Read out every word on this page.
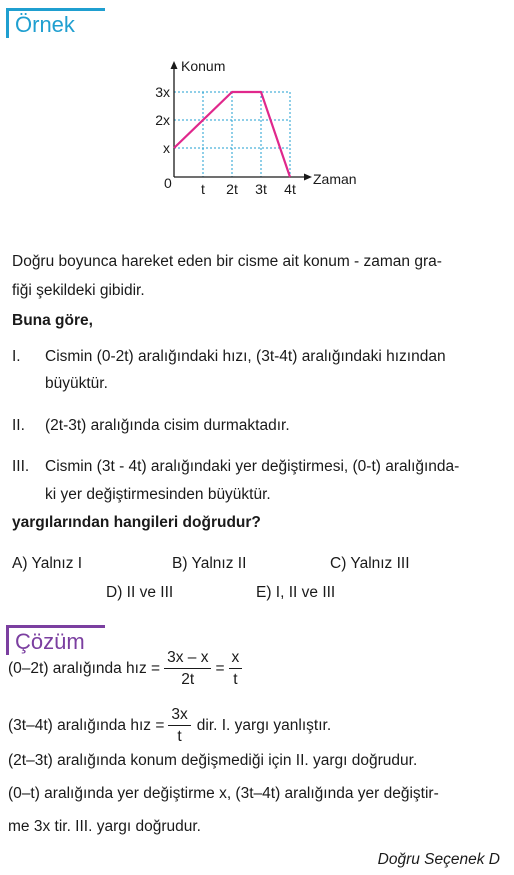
Örnek
Konum
Zaman
0
x
2x
3x
t 2t 3t 4t
Doğru boyunca hareket eden bir cisme ait konum - zaman gra-
fiği şekildeki gibidir.
Buna göre,
I.	Cismin (0-2t) aralığındaki hızı, (3t-4t) aralığındaki hızından
büyüktür.
II.	(2t-3t) aralığında cisim durmaktadır.
III.	Cismin (3t - 4t) aralığındaki yer değiştirmesi, (0-t) aralığında-
ki yer değiştirmesinden büyüktür.
yargılarından hangileri doğrudur?
A) Yalnız I	B) Yalnız II	C) Yalnız III
D) II ve III	E) I, II ve III
Çözüm
(0–2t) aralığında hız = $\frac{3x - x}{2t} = \frac{x}{t}$
(3t–4t) aralığında hız = $\frac{3x}{t}$ dir. I. yargı yanlıştır.
(2t–3t) aralığında konum değişmediği için II. yargı doğrudur.
(0–t) aralığında yer değiştirme x, (3t–4t) aralığında yer değiştir-
me 3x tir. III. yargı doğrudur.
Doğru Seçenek D
